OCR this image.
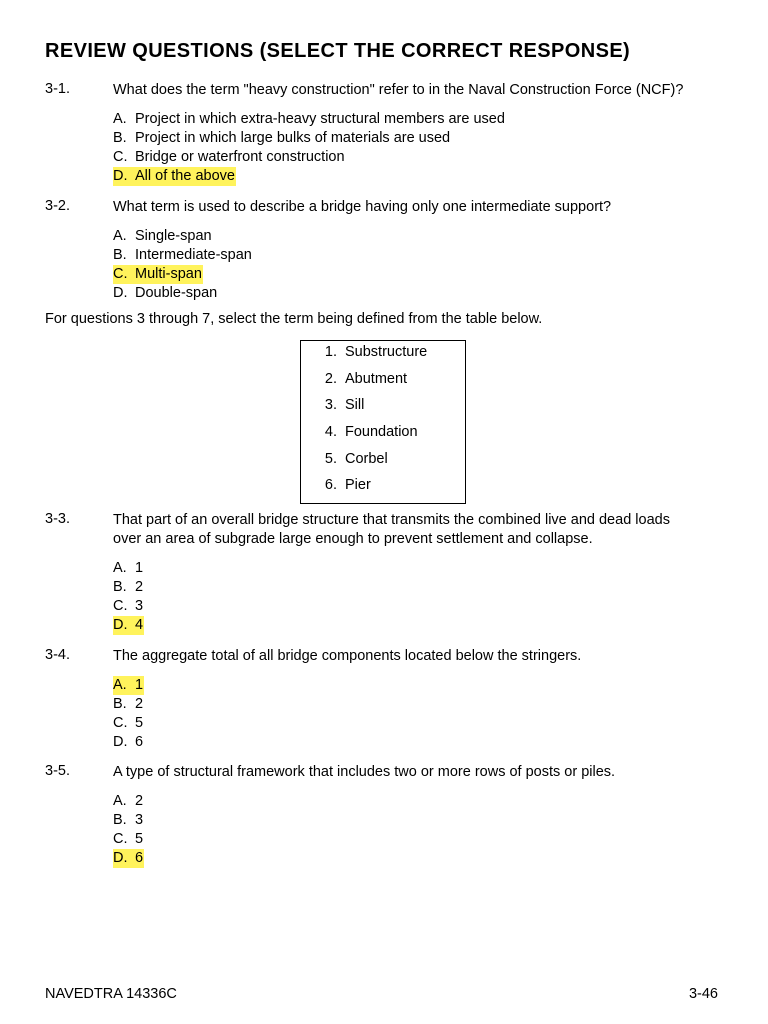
REVIEW QUESTIONS (SELECT THE CORRECT RESPONSE)
3-1.	What does the term "heavy construction" refer to in the Naval Construction Force (NCF)?
A. Project in which extra-heavy structural members are used
B. Project in which large bulks of materials are used
C. Bridge or waterfront construction
D. All of the above
3-2.	What term is used to describe a bridge having only one intermediate support?
A. Single-span
B. Intermediate-span
C. Multi-span
D. Double-span
For questions 3 through 7, select the term being defined from the table below.
1. Substructure
2. Abutment
3. Sill
4. Foundation
5. Corbel
6. Pier
3-3.	That part of an overall bridge structure that transmits the combined live and dead loads
over an area of subgrade large enough to prevent settlement and collapse.
A. 1
B. 2
C. 3
D. 4
3-4.	The aggregate total of all bridge components located below the stringers.
A. 1
B. 2
C. 5
D. 6
3-5.	A type of structural framework that includes two or more rows of posts or piles.
A. 2
B. 3
C. 5
D. 6
NAVEDTRA 14336C	3-46
